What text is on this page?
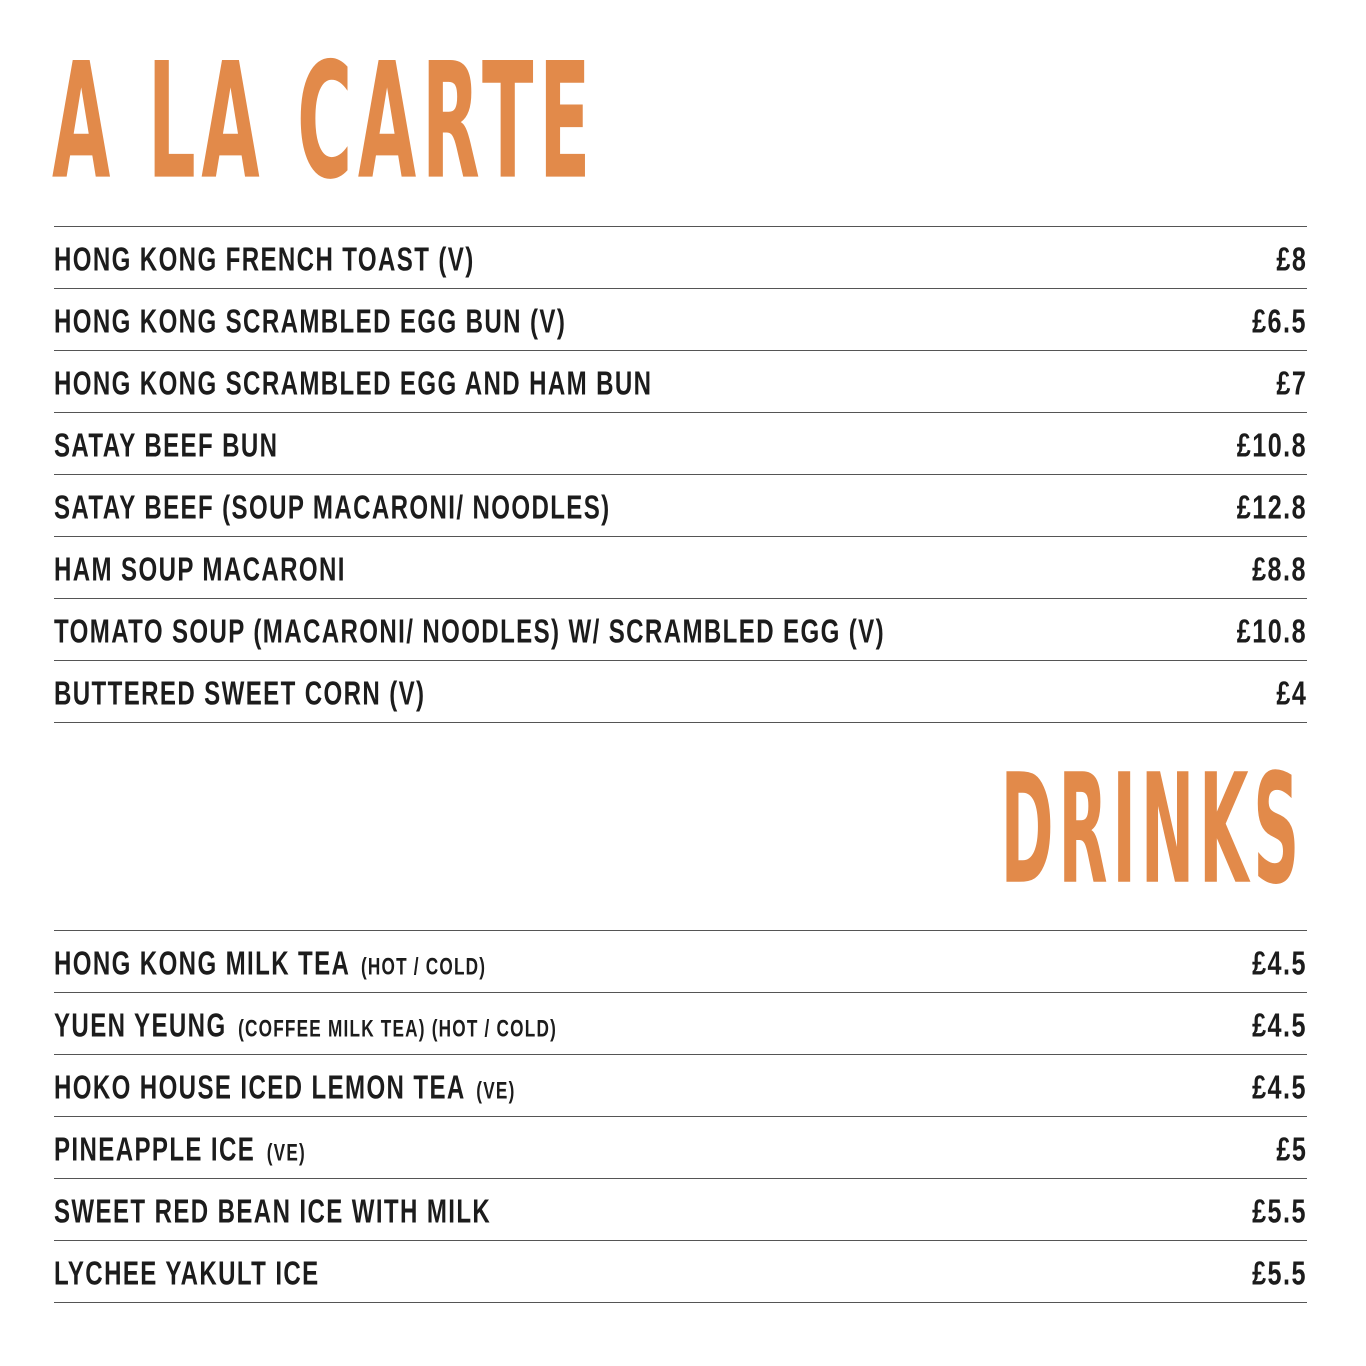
A LA CARTE
HONG KONG FRENCH TOAST (V)	£8
HONG KONG SCRAMBLED EGG BUN (V)	£6.5
HONG KONG SCRAMBLED EGG AND HAM BUN	£7
SATAY BEEF BUN	£10.8
SATAY BEEF (SOUP MACARONI/ NOODLES)	£12.8
HAM SOUP MACARONI	£8.8
TOMATO SOUP (MACARONI/ NOODLES) W/ SCRAMBLED EGG (V)	£10.8
BUTTERED SWEET CORN (V)	£4
DRINKS
HONG KONG MILK TEA (HOT / COLD)	£4.5
YUEN YEUNG (COFFEE MILK TEA) (HOT / COLD)	£4.5
HOKO HOUSE ICED LEMON TEA (VE)	£4.5
PINEAPPLE ICE (VE)	£5
SWEET RED BEAN ICE WITH MILK	£5.5
LYCHEE YAKULT ICE	£5.5
